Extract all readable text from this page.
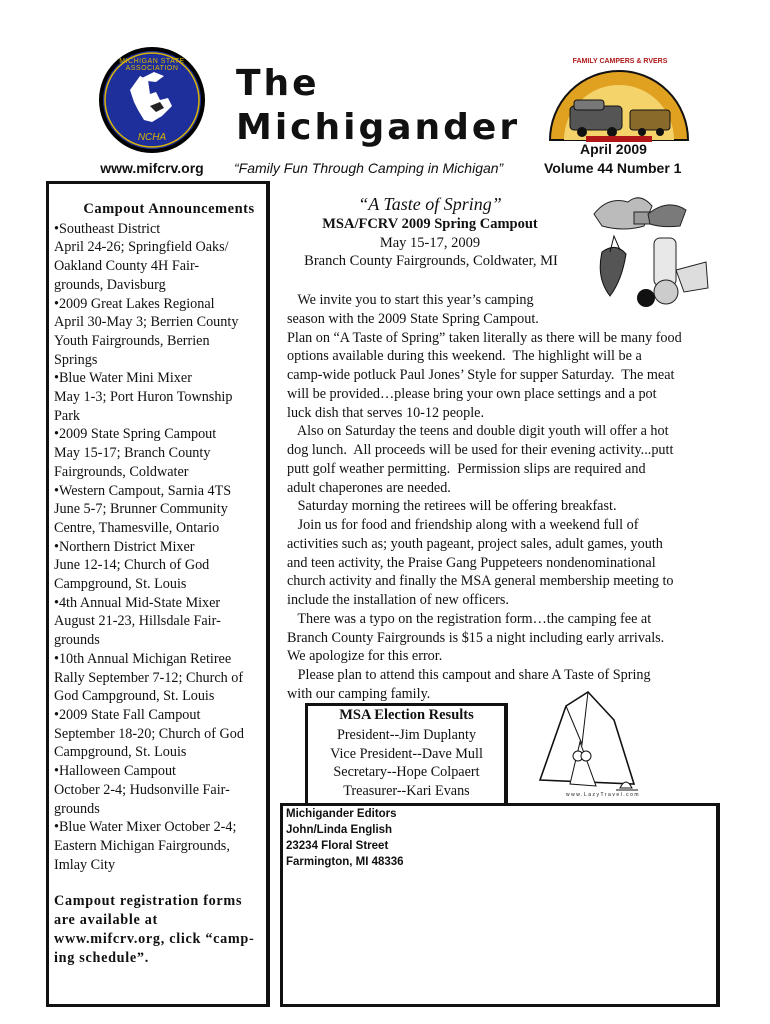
MICHIGAN STATE ASSOCIATION
NCHA
www.mifcrv.org
The
Michigander
“Family Fun Through Camping in Michigan”
FAMILY CAMPERS & RVERS
April 2009
Volume 44 Number 1
Campout Announcements
•Southeast District
April 24-26; Springfield Oaks/
Oakland County 4H Fair-
grounds, Davisburg
•2009 Great Lakes Regional
April 30-May 3; Berrien County
Youth Fairgrounds, Berrien
Springs
•Blue Water Mini Mixer
May 1-3; Port Huron Township
Park
•2009 State Spring Campout
May 15-17; Branch County
Fairgrounds, Coldwater
•Western Campout, Sarnia 4TS
June 5-7; Brunner Community
Centre, Thamesville, Ontario
•Northern District Mixer
June 12-14; Church of God
Campground, St. Louis
•4th Annual Mid-State Mixer
August 21-23, Hillsdale Fair-
grounds
•10th Annual Michigan Retiree
Rally September 7-12; Church of
God Campground, St. Louis
•2009 State Fall Campout
September 18-20; Church of God
Campground, St. Louis
•Halloween Campout
October 2-4; Hudsonville Fair-
grounds
•Blue Water Mixer October 2-4;
Eastern Michigan Fairgrounds,
Imlay City
Campout registration forms
are available at
www.mifcrv.org, click “camp-
ing schedule”.
“A Taste of Spring”
MSA/FCRV 2009 Spring Campout
May 15-17, 2009
Branch County Fairgrounds, Coldwater, MI
We invite you to start this year’s camping
season with the 2009 State Spring Campout.
Plan on “A Taste of Spring” taken literally as there will be many food
options available during this weekend.  The highlight will be a
camp-wide potluck Paul Jones’ Style for supper Saturday.  The meat
will be provided…please bring your own place settings and a pot
luck dish that serves 10-12 people.
Also on Saturday the teens and double digit youth will offer a hot
dog lunch.  All proceeds will be used for their evening activity...putt
putt golf weather permitting.  Permission slips are required and
adult chaperones are needed.
Saturday morning the retirees will be offering breakfast.
Join us for food and friendship along with a weekend full of
activities such as; youth pageant, project sales, adult games, youth
and teen activity, the Praise Gang Puppeteers nondenominational
church activity and finally the MSA general membership meeting to
include the installation of new officers.
There was a typo on the registration form…the camping fee at
Branch County Fairgrounds is $15 a night including early arrivals.
We apologize for this error.
Please plan to attend this campout and share A Taste of Spring
with our camping family.
MSA Election Results
President--Jim Duplanty
Vice President--Dave Mull
Secretary--Hope Colpaert
Treasurer--Kari Evans	www.LazyTravel.com
Michigander Editors
John/Linda English
23234 Floral Street
Farmington, MI 48336
